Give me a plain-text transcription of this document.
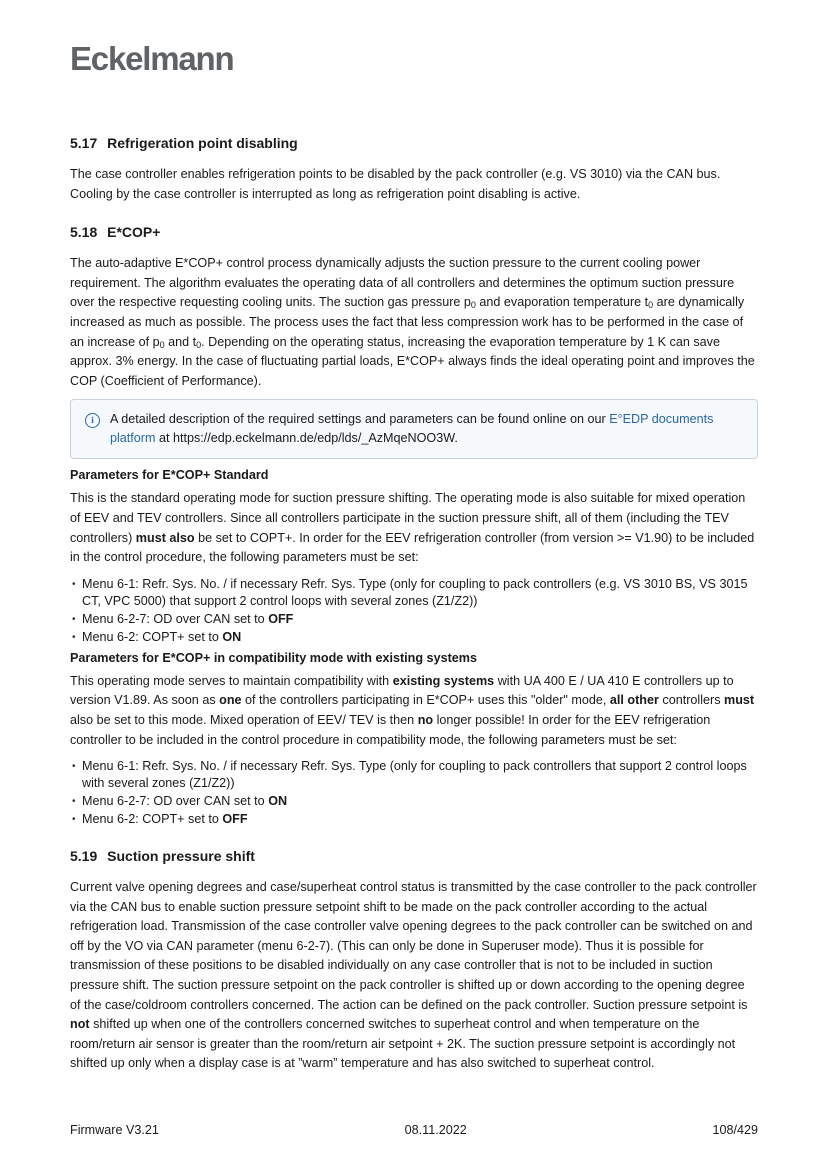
Eckelmann
5.17 Refrigeration point disabling

The case controller enables refrigeration points to be disabled by the pack controller (e.g. VS 3010) via the CAN bus. Cooling by the case controller is interrupted as long as refrigeration point disabling is active.

5.18 E*COP+

The auto-adaptive E*COP+ control process dynamically adjusts the suction pressure to the current cooling power requirement. The algorithm evaluates the operating data of all controllers and determines the optimum suction pressure over the respective requesting cooling units. The suction gas pressure $p_0$ and evaporation temperature $t_0$ are dynamically increased as much as possible. The process uses the fact that less compression work has to be performed in the case of an increase of $p_0$ and $t_0$. Depending on the operating status, increasing the evaporation temperature by 1 K can save approx. 3% energy. In the case of fluctuating partial loads, E*COP+ always finds the ideal operating point and improves the COP (Coefficient of Performance).

i	A detailed description of the required settings and parameters can be found online on our E°EDP documents platform at https://edp.eckelmann.de/edp/lds/_AzMqeNOO3W.
Parameters for E*COP+ Standard

This is the standard operating mode for suction pressure shifting. The operating mode is also suitable for mixed operation of EEV and TEV controllers. Since all controllers participate in the suction pressure shift, all of them (including the TEV controllers) must also be set to COPT+. In order for the EEV refrigeration controller (from version >= V1.90) to be included in the control procedure, the following parameters must be set:

• Menu 6-1: Refr. Sys. No. / if necessary Refr. Sys. Type (only for coupling to pack controllers (e.g. VS 3010 BS, VS 3015 CT, VPC 5000) that support 2 control loops with several zones (Z1/Z2))
• Menu 6-2-7: OD over CAN set to OFF
• Menu 6-2: COPT+ set to ON
Parameters for E*COP+ in compatibility mode with existing systems

This operating mode serves to maintain compatibility with existing systems with UA 400 E / UA 410 E controllers up to version V1.89. As soon as one of the controllers participating in E*COP+ uses this "older" mode, all other controllers must also be set to this mode. Mixed operation of EEV/ TEV is then no longer possible! In order for the EEV refrigeration controller to be included in the control procedure in compatibility mode, the following parameters must be set:

• Menu 6-1: Refr. Sys. No. / if necessary Refr. Sys. Type (only for coupling to pack controllers that support 2 control loops with several zones (Z1/Z2))
• Menu 6-2-7: OD over CAN set to ON
• Menu 6-2: COPT+ set to OFF
5.19 Suction pressure shift

Current valve opening degrees and case/superheat control status is transmitted by the case controller to the pack controller via the CAN bus to enable suction pressure setpoint shift to be made on the pack controller according to the actual refrigeration load. Transmission of the case controller valve opening degrees to the pack controller can be switched on and off by the VO via CAN parameter (menu 6-2-7). (This can only be done in Superuser mode). Thus it is possible for transmission of these positions to be disabled individually on any case controller that is not to be included in suction pressure shift. The suction pressure setpoint on the pack controller is shifted up or down according to the opening degree of the case/coldroom controllers concerned. The action can be defined on the pack controller. Suction pressure setpoint is not shifted up when one of the controllers concerned switches to superheat control and when temperature on the room/return air sensor is greater than the room/return air setpoint + 2K. The suction pressure setpoint is accordingly not shifted up only when a display case is at ”warm” temperature and has also switched to superheat control.

Firmware V3.21	08.11.2022	108/429
